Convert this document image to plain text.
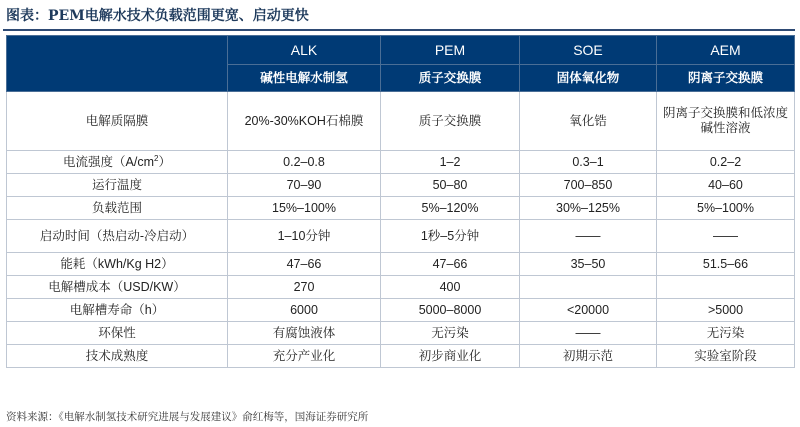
图表：PEM电解水技术负载范围更宽、启动更快
	ALK	PEM	SOE	AEM
	碱性电解水制氢	质子交换膜	固体氧化物	阴离子交换膜
电解质隔膜	20%-30%KOH石棉膜	质子交换膜	氧化锆	阴离子交换膜和低浓度碱性溶液
电流强度$(A/cm^2)$	0.2–0.8	1–2	0.3–1	0.2–2
运行温度	70–90	50–80	700–850	40–60
负载范围	15%–100%	5%–120%	30%–125%	5%–100%
启动时间（热启动-冷启动）	1–10分钟	1秒–5分钟	——	——
能耗（kWh/Kg H2）	47–66	47–66	35–50	51.5–66
电解槽成本（USD/KW）	270	400		
电解槽寿命（h）	6000	5000–8000	<20000	>5000
环保性	有腐蚀液体	无污染	——	无污染
技术成熟度	充分产业化	初步商业化	初期示范	实验室阶段
资料来源：《电解水制氢技术研究进展与发展建议》俞红梅等，国海证券研究所
